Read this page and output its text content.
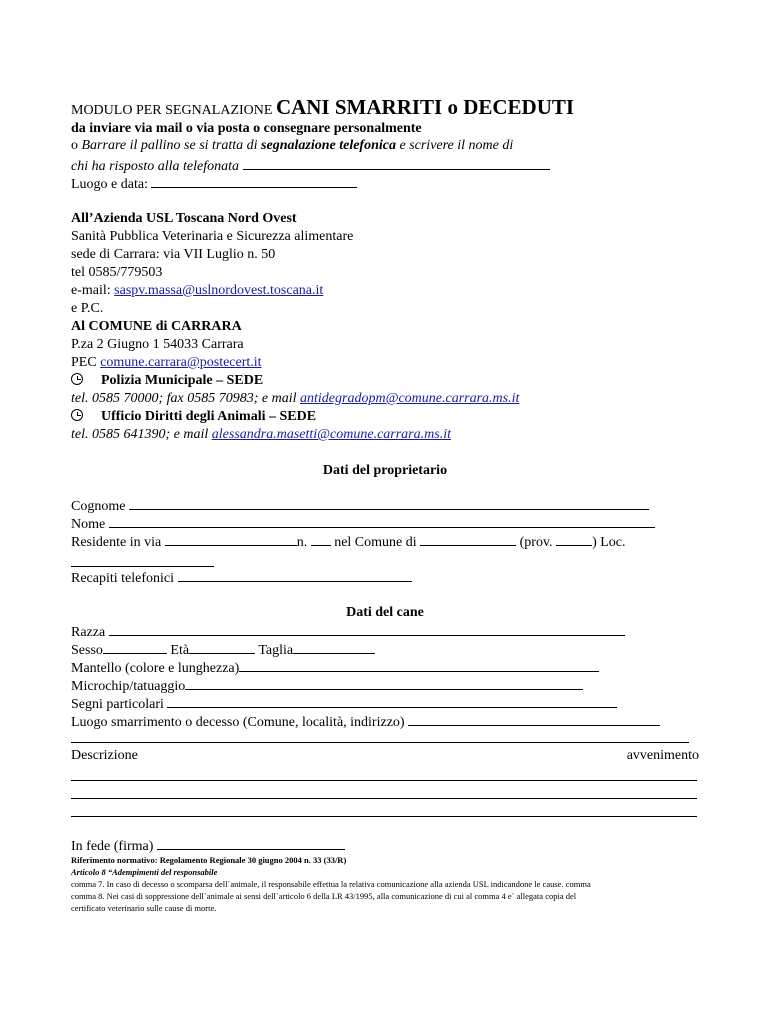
MODULO PER SEGNALAZIONE CANI SMARRITI o DECEDUTI
da inviare via mail o via posta o consegnare personalmente
o Barrare il pallino se si tratta di segnalazione telefonica e scrivere il nome di
chi ha risposto alla telefonata
Luogo e data:
All’Azienda USL Toscana Nord Ovest
Sanità Pubblica Veterinaria e Sicurezza alimentare
sede di Carrara: via VII Luglio n. 50
tel 0585/779503
e-mail: saspv.massa@uslnordovest.toscana.it
e P.C.
Al COMUNE di CARRARA
P.za 2 Giugno 1 54033 Carrara
PEC comune.carrara@postecert.it
Polizia Municipale – SEDE
tel. 0585 70000; fax 0585 70983; e mail antidegradopm@comune.carrara.ms.it
Ufficio Diritti degli Animali – SEDE
tel. 0585 641390; e mail alessandra.masetti@comune.carrara.ms.it
Dati del proprietario
Cognome
Nome
Residente in via	n. nel Comune di	(prov.	) Loc.
Recapiti telefonici
Dati del cane
Razza
Sesso	Età	Taglia
Mantello (colore e lunghezza)
Microchip/tatuaggio
Segni particolari
Luogo smarrimento o decesso (Comune, località, indirizzo)
Descrizione	avvenimento
In fede (firma)
Riferimento normativo: Regolamento Regionale 30 giugno 2004 n. 33 (33/R)
Articolo 8 “Adempimenti del responsabile
comma 7. In caso di decesso o scomparsa dell`animale, il responsabile effettua la relativa comunicazione alla azienda USL indicandone le cause. comma
comma 8. Nei casi di soppressione dell`animale ai sensi dell`articolo 6 della LR 43/1995, alla comunicazione di cui al comma 4 e` allegata copia del
certificato veterinario sulle cause di morte.
